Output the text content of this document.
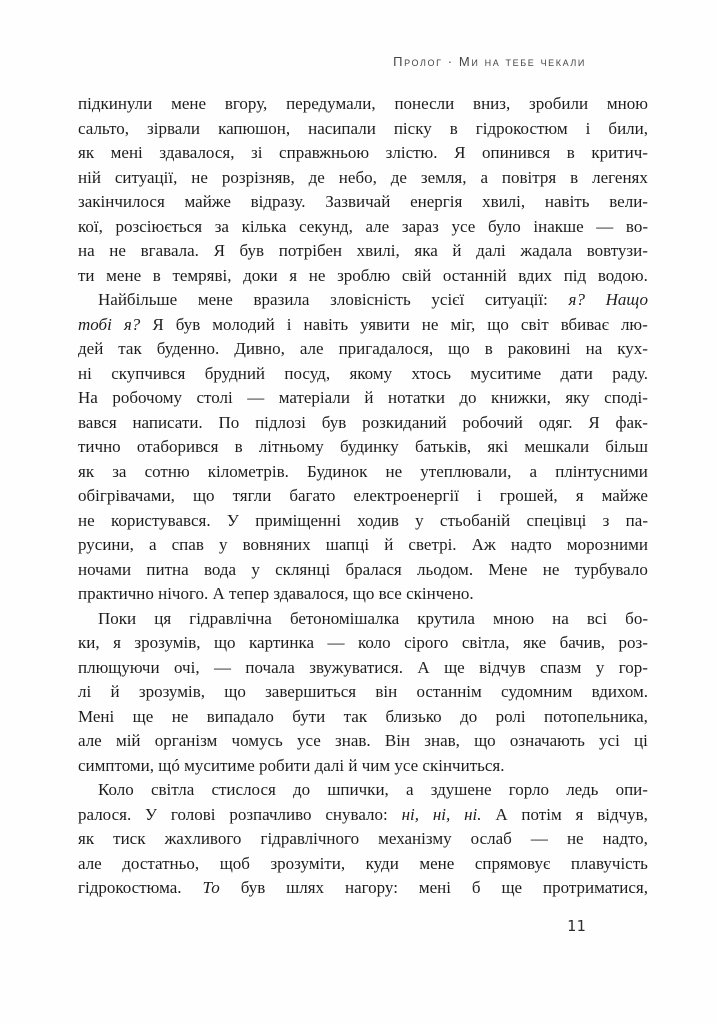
Пролог · Ми на тебе чекали
підкинули мене вгору, передумали, понесли вниз, зробили мною
сальто, зірвали капюшон, насипали піску в гідрокостюм і били,
як мені здавалося, зі справжньою злістю. Я опинився в критич-
ній ситуації, не розрізняв, де небо, де земля, а повітря в легенях
закінчилося майже відразу. Зазвичай енергія хвилі, навіть вели-
кої, розсіюється за кілька секунд, але зараз усе було інакше — во-
на не вгавала. Я був потрібен хвилі, яка й далі жадала вовтузи-
ти мене в темряві, доки я не зроблю свій останній вдих під водою.
Найбільше мене вразила зловісність усієї ситуації: я? Нащо
тобі я? Я був молодий і навіть уявити не міг, що світ вбиває лю-
дей так буденно. Дивно, але пригадалося, що в раковині на кух-
ні скупчився брудний посуд, якому хтось муситиме дати раду.
На робочому столі — матеріали й нотатки до книжки, яку споді-
вався написати. По підлозі був розкиданий робочий одяг. Я фак-
тично отаборився в літньому будинку батьків, які мешкали більш
як за сотню кілометрів. Будинок не утеплювали, а плінтусними
обігрівачами, що тягли багато електроенергії і грошей, я майже
не користувався. У приміщенні ходив у стьобаній спецівці з па-
русини, а спав у вовняних шапці й светрі. Аж надто морозними
ночами питна вода у склянці бралася льодом. Мене не турбувало
практично нічого. А тепер здавалося, що все скінчено.
Поки ця гідравлічна бетономішалка крутила мною на всі бо-
ки, я зрозумів, що картинка — коло сірого світла, яке бачив, роз-
плющуючи очі, — почала звужуватися. А ще відчув спазм у гор-
лі й зрозумів, що завершиться він останнім судомним вдихом.
Мені ще не випадало бути так близько до ролі потопельника,
але мій організм чомусь усе знав. Він знав, що означають усі ці
симптоми, щó муситиме робити далі й чим усе скінчиться.
Коло світла стислося до шпички, а здушене горло ледь опи-
ралося. У голові розпачливо снувало: ні, ні, ні. А потім я відчув,
як тиск жахливого гідравлічного механізму ослаб — не надто,
але достатньо, щоб зрозуміти, куди мене спрямовує плавучість
гідрокостюма. То був шлях нагору: мені б ще протриматися,
11
